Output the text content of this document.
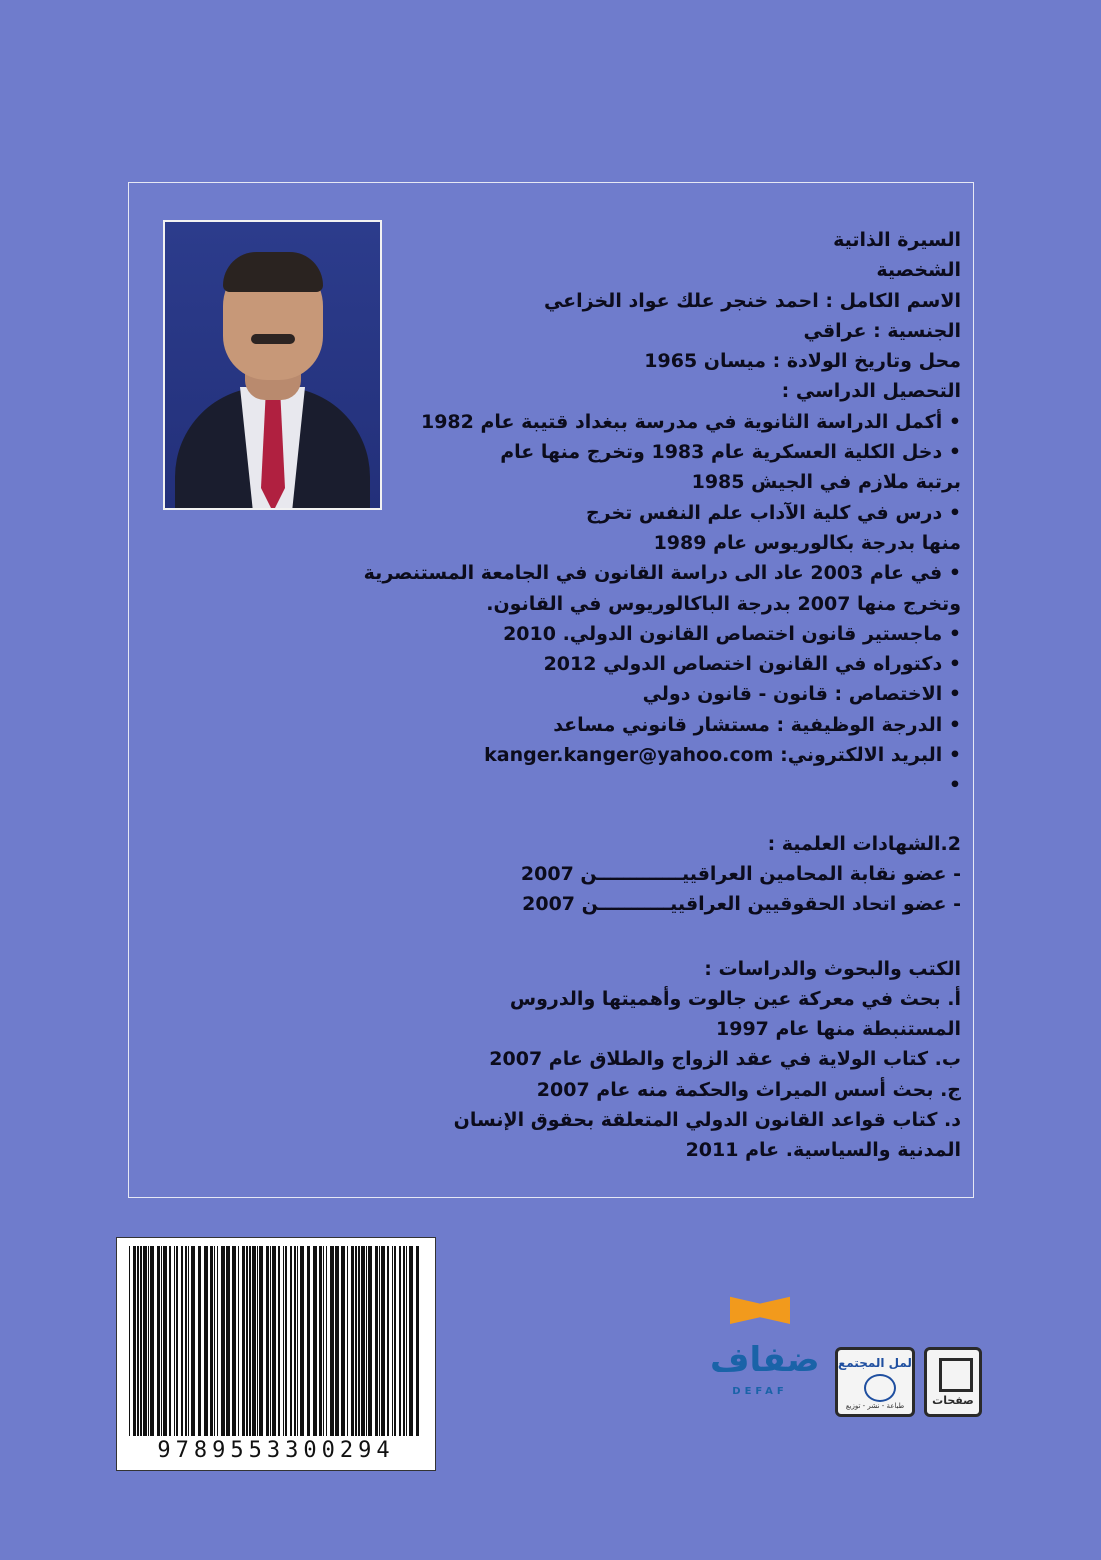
السيرة الذاتية
الشخصية
الاسم الكامل : احمد خنجر علك عواد الخزاعي
الجنسية : عراقي
محل وتاريخ الولادة : ميسان 1965
التحصيل الدراسي :
• أكمل الدراسة الثانوية في مدرسة ببغداد قتيبة عام 1982
• دخل الكلية العسكرية عام 1983 وتخرج منها عام
برتبة ملازم في الجيش 1985
• درس في كلية الآداب علم النفس تخرج
منها بدرجة بكالوريوس عام 1989
• في عام 2003 عاد الى دراسة القانون في الجامعة المستنصرية
وتخرج منها 2007 بدرجة الباكالوريوس في القانون.
• ماجستير قانون اختصاص القانون الدولي. 2010
• دكتوراه في القانون اختصاص الدولي 2012
• الاختصاص : قانون - قانون دولي
• الدرجة الوظيفية : مستشار قانوني مساعد
• البريد الالكتروني: kanger.kanger@yahoo.com
•
2.الشهادات العلمية :
- عضو نقابة المحامين العراقييـــــــــــــن 2007
- عضو اتحاد الحقوقيين العراقييـــــــــــن 2007
الكتب والبحوث والدراسات :
أ. بحث في معركة عين جالوت وأهميتها والدروس
المستنبطة منها عام 1997
ب. كتاب الولاية في عقد الزواج والطلاق عام 2007
ج. بحث أسس الميراث والحكمة منه عام 2007
د. كتاب قواعد القانون الدولي المتعلقة بحقوق الإنسان
المدنية والسياسية. عام 2011
9789553300294
ضفاف
DEFAF
لمل المجتمع
طباعة - نشر - توزيع	صفحات
